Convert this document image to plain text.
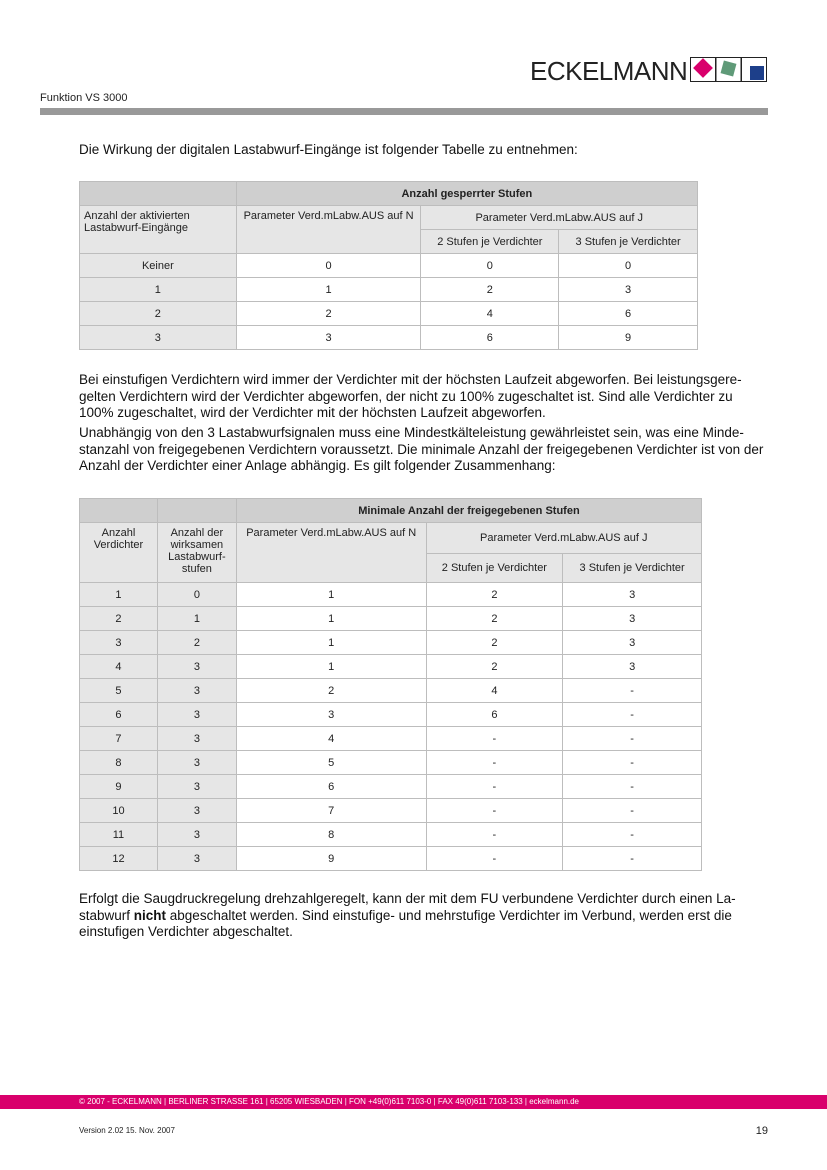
ECKELMANN
Funktion VS 3000
Die Wirkung der digitalen Lastabwurf-Eingänge ist folgender Tabelle zu entnehmen:
	Anzahl gesperrter Stufen		
Anzahl der aktivierten Lastabwurf-Eingänge	Parameter Verd.mLabw.AUS auf N	Parameter Verd.mLabw.AUS auf J	
		2 Stufen je Verdichter	3 Stufen je Verdichter
Keiner	0	0	0
1	1	2	3
2	2	4	6
3	3	6	9
Bei einstufigen Verdichtern wird immer der Verdichter mit der höchsten Laufzeit abgeworfen. Bei leistungsgere-gelten Verdichtern wird der Verdichter abgeworfen, der nicht zu 100% zugeschaltet ist. Sind alle Verdichter zu 100% zugeschaltet, wird der Verdichter mit der höchsten Laufzeit abgeworfen.
Unabhängig von den 3 Lastabwurfsignalen muss eine Mindestkälteleistung gewährleistet sein, was eine Minde-stanzahl von freigegebenen Verdichtern voraussetzt. Die minimale Anzahl der freigegebenen Verdichter ist von der Anzahl der Verdichter einer Anlage abhängig. Es gilt folgender Zusammenhang:
		Minimale Anzahl der freigegebenen Stufen		
Anzahl Verdichter	Anzahl der wirksamen Lastabwurf-stufen	Parameter Verd.mLabw.AUS auf N	Parameter Verd.mLabw.AUS auf J	
			2 Stufen je Verdichter	3 Stufen je Verdichter
1	0	1	2	3
2	1	1	2	3
3	2	1	2	3
4	3	1	2	3
5	3	2	4	-
6	3	3	6	-
7	3	4	-	-
8	3	5	-	-
9	3	6	-	-
10	3	7	-	-
11	3	8	-	-
12	3	9	-	-
Erfolgt die Saugdruckregelung drehzahlgeregelt, kann der mit dem FU verbundene Verdichter durch einen La-stabwurf nicht abgeschaltet werden. Sind einstufige- und mehrstufige Verdichter im Verbund, werden erst die einstufigen Verdichter abgeschaltet.
© 2007 - ECKELMANN | BERLINER STRASSE 161 | 65205 WIESBADEN | FON +49(0)611 7103-0 | FAX 49(0)611 7103-133 | eckelmann.de
Version 2.02 15. Nov. 2007	19
